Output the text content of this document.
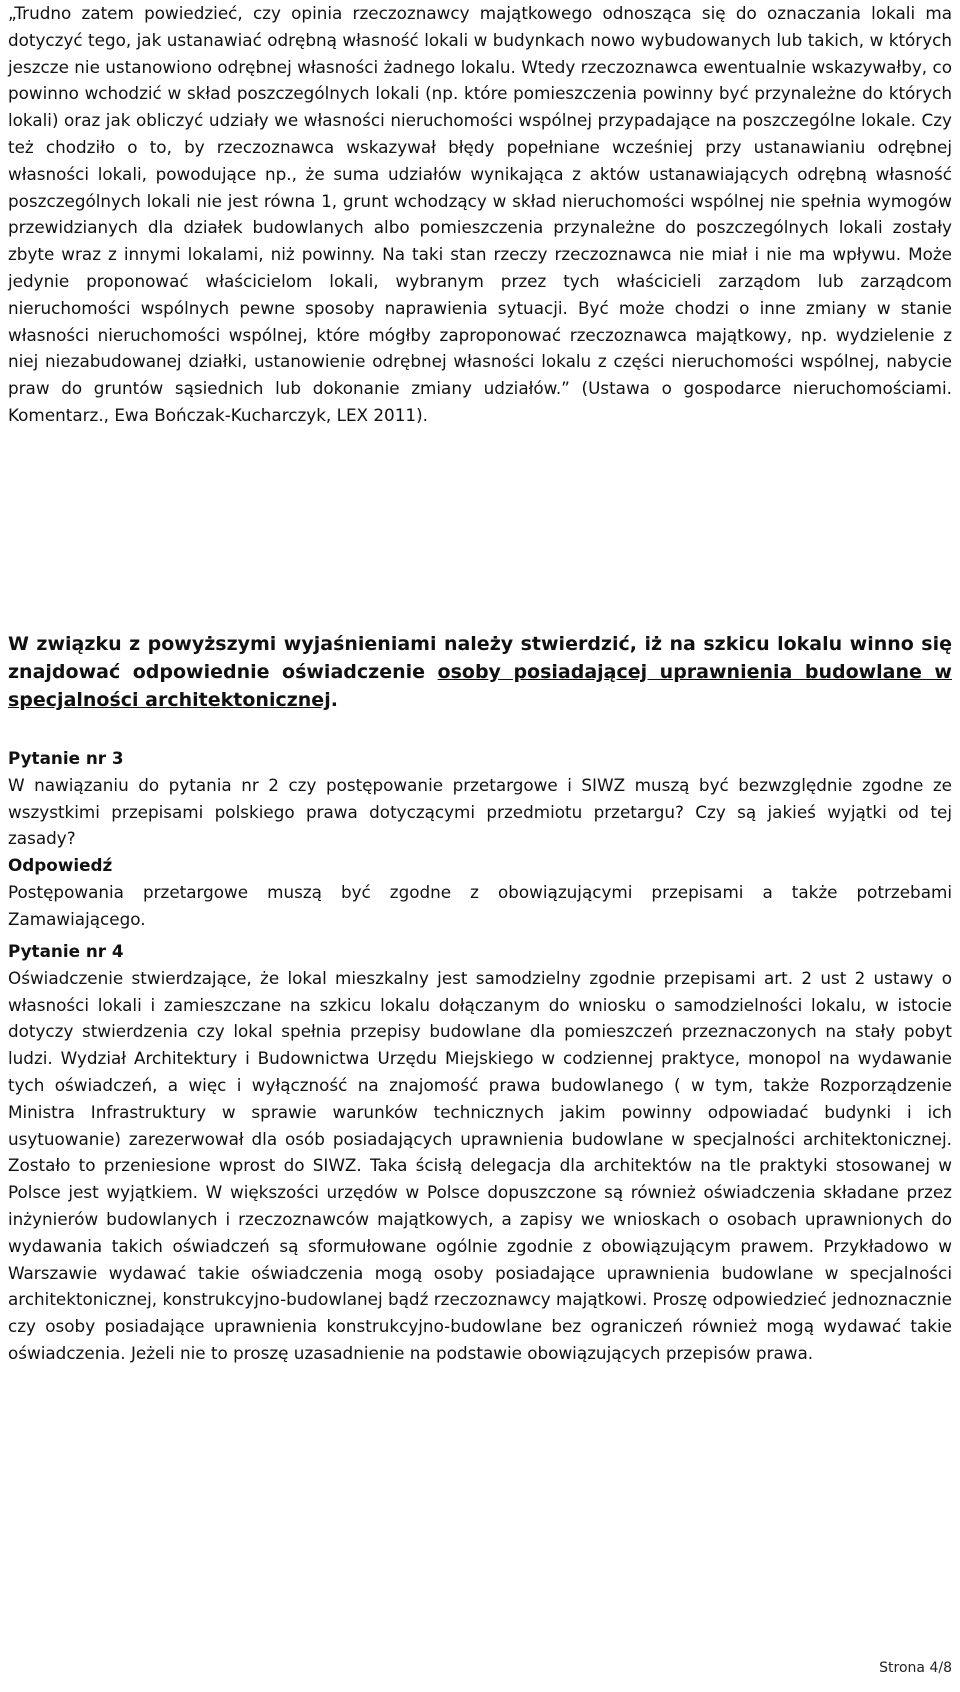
„Trudno zatem powiedzieć, czy opinia rzeczoznawcy majątkowego odnosząca się do oznaczania lokali ma dotyczyć tego, jak ustanawiać odrębną własność lokali w budynkach nowo wybudowanych lub takich, w których jeszcze nie ustanowiono odrębnej własności żadnego lokalu. Wtedy rzeczoznawca ewentualnie wskazywałby, co powinno wchodzić w skład poszczególnych lokali (np. które pomieszczenia powinny być przynależne do których lokali) oraz jak obliczyć udziały we własności nieruchomości wspólnej przypadające na poszczególne lokale. Czy też chodziło o to, by rzeczoznawca wskazywał błędy popełniane wcześniej przy ustanawianiu odrębnej własności lokali, powodujące np., że suma udziałów wynikająca z aktów ustanawiających odrębną własność poszczególnych lokali nie jest równa 1, grunt wchodzący w skład nieruchomości wspólnej nie spełnia wymogów przewidzianych dla działek budowlanych albo pomieszczenia przynależne do poszczególnych lokali zostały zbyte wraz z innymi lokalami, niż powinny. Na taki stan rzeczy rzeczoznawca nie miał i nie ma wpływu. Może jedynie proponować właścicielom lokali, wybranym przez tych właścicieli zarządom lub zarządcom nieruchomości wspólnych pewne sposoby naprawienia sytuacji. Być może chodzi o inne zmiany w stanie własności nieruchomości wspólnej, które mógłby zaproponować rzeczoznawca majątkowy, np. wydzielenie z niej niezabudowanej działki, ustanowienie odrębnej własności lokalu z części nieruchomości wspólnej, nabycie praw do gruntów sąsiednich lub dokonanie zmiany udziałów.” (Ustawa o gospodarce nieruchomościami. Komentarz., Ewa Bończak-Kucharczyk, LEX 2011).

W związku z powyższymi wyjaśnieniami należy stwierdzić, iż na szkicu lokalu winno się znajdować odpowiednie oświadczenie osoby posiadającej uprawnienia budowlane w specjalności architektonicznej.

Pytanie nr 3
W nawiązaniu do pytania nr 2 czy postępowanie przetargowe i SIWZ muszą być bezwzględnie zgodne ze wszystkimi przepisami polskiego prawa dotyczącymi przedmiotu przetargu? Czy są jakieś wyjątki od tej zasady?
Odpowiedź
Postępowania przetargowe muszą być zgodne z obowiązującymi przepisami a także potrzebami Zamawiającego.
Pytanie nr 4
Oświadczenie stwierdzające, że lokal mieszkalny jest samodzielny zgodnie przepisami art. 2 ust 2 ustawy o własności lokali i zamieszczane na szkicu lokalu dołączanym do wniosku o samodzielności lokalu, w istocie dotyczy stwierdzenia czy lokal spełnia przepisy budowlane dla pomieszczeń przeznaczonych na stały pobyt ludzi. Wydział Architektury i Budownictwa Urzędu Miejskiego w codziennej praktyce, monopol na wydawanie tych oświadczeń, a więc i wyłączność na znajomość prawa budowlanego ( w tym, także Rozporządzenie Ministra Infrastruktury w sprawie warunków technicznych jakim powinny odpowiadać budynki i ich usytuowanie) zarezerwował dla osób posiadających uprawnienia budowlane w specjalności architektonicznej. Zostało to przeniesione wprost do SIWZ. Taka ścisłą delegacja dla architektów na tle praktyki stosowanej w Polsce jest wyjątkiem. W większości urzędów w Polsce dopuszczone są również oświadczenia składane przez inżynierów budowlanych i rzeczoznawców majątkowych, a zapisy we wnioskach o osobach uprawnionych do wydawania takich oświadczeń są sformułowane ogólnie zgodnie z obowiązującym prawem. Przykładowo w Warszawie wydawać takie oświadczenia mogą osoby posiadające uprawnienia budowlane w specjalności architektonicznej, konstrukcyjno-budowlanej bądź rzeczoznawcy majątkowi. Proszę odpowiedzieć jednoznacznie czy osoby posiadające uprawnienia konstrukcyjno-budowlane bez ograniczeń również mogą wydawać takie oświadczenia. Jeżeli nie to proszę uzasadnienie na podstawie obowiązujących przepisów prawa.
Strona 4/8
